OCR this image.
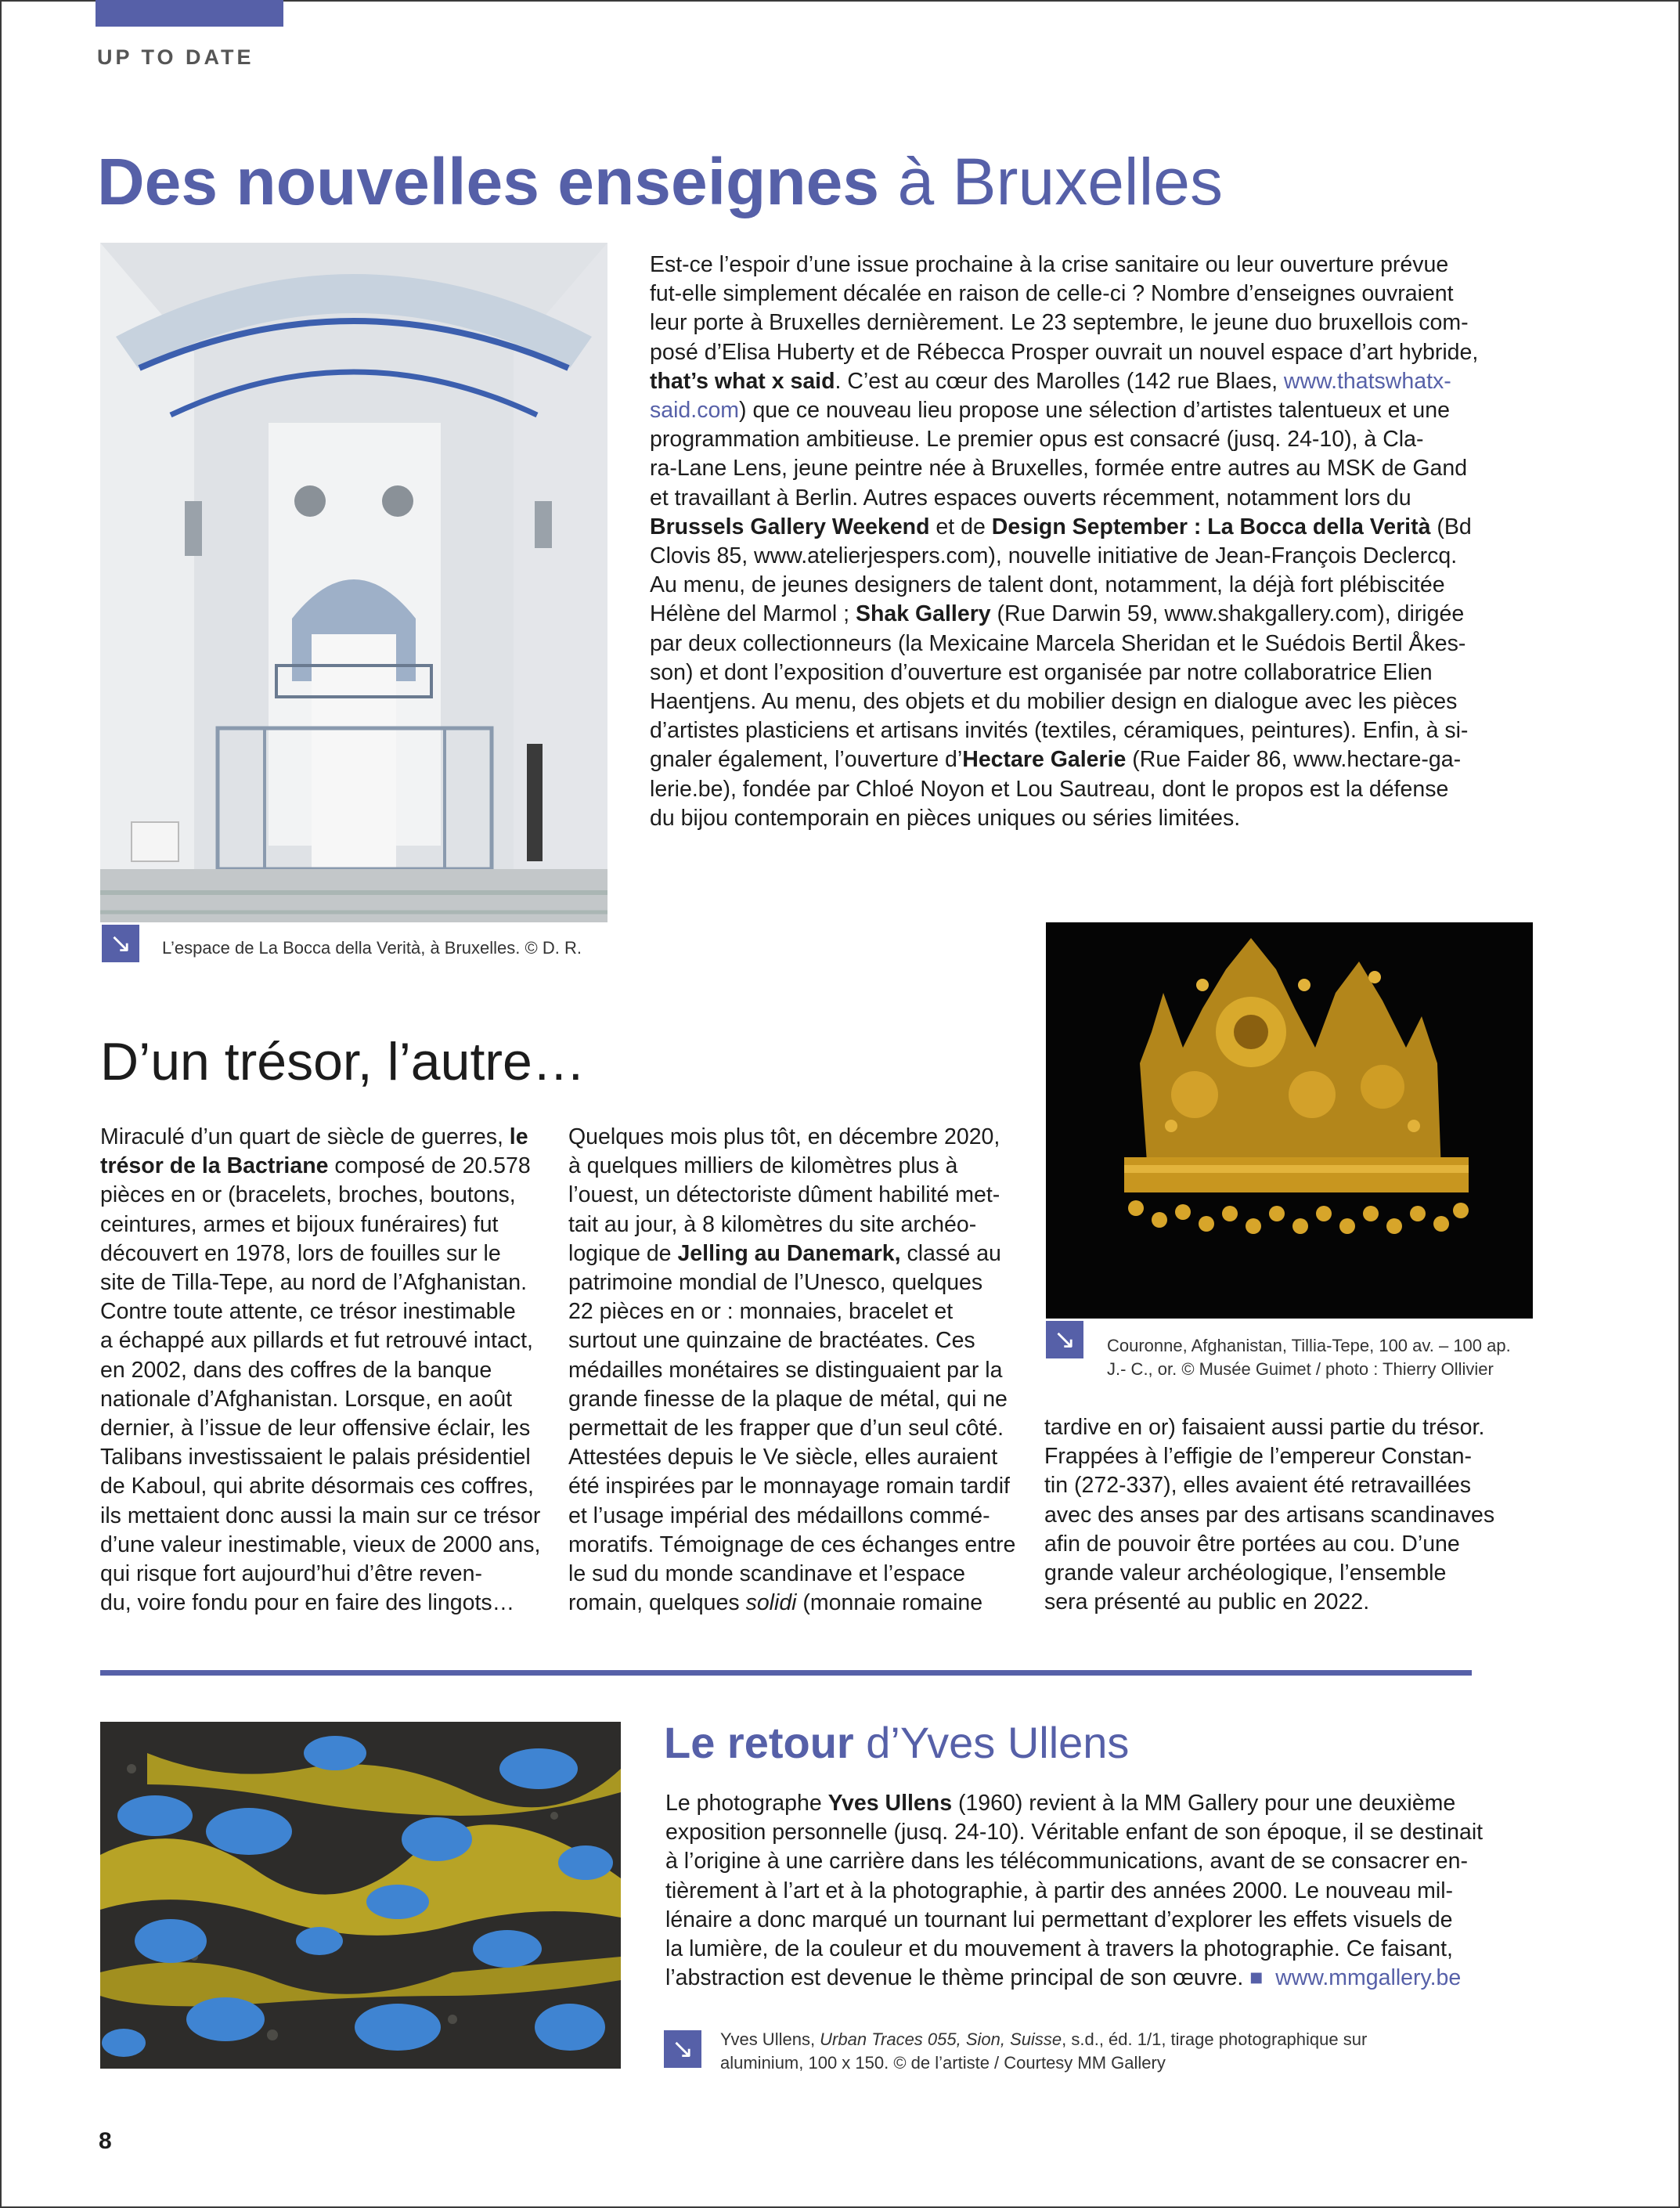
UP TO DATE
Des nouvelles enseignes à Bruxelles
↘	L’espace de La Bocca della Verità, à Bruxelles. © D. R.
Est-ce l’espoir d’une issue prochaine à la crise sanitaire ou leur ouverture prévue
fut-elle simplement décalée en raison de celle-ci ? Nombre d’enseignes ouvraient
leur porte à Bruxelles dernièrement. Le 23 septembre, le jeune duo bruxellois com-
posé d’Elisa Huberty et de Rébecca Prosper ouvrait un nouvel espace d’art hybride,
that’s what x said. C’est au cœur des Marolles (142 rue Blaes, www.thatswhatx-
said.com) que ce nouveau lieu propose une sélection d’artistes talentueux et une
programmation ambitieuse. Le premier opus est consacré (jusq. 24-10), à Cla-
ra-Lane Lens, jeune peintre née à Bruxelles, formée entre autres au MSK de Gand
et travaillant à Berlin. Autres espaces ouverts récemment, notamment lors du
Brussels Gallery Weekend et de Design September : La Bocca della Verità (Bd
Clovis 85, www.atelierjespers.com), nouvelle initiative de Jean-François Declercq.
Au menu, de jeunes designers de talent dont, notamment, la déjà fort plébiscitée
Hélène del Marmol ; Shak Gallery (Rue Darwin 59, www.shakgallery.com), dirigée
par deux collectionneurs (la Mexicaine Marcela Sheridan et le Suédois Bertil Åkes-
son) et dont l’exposition d’ouverture est organisée par notre collaboratrice Elien
Haentjens. Au menu, des objets et du mobilier design en dialogue avec les pièces
d’artistes plasticiens et artisans invités (textiles, céramiques, peintures). Enfin, à si-
gnaler également, l’ouverture d’Hectare Galerie (Rue Faider 86, www.hectare-ga-
lerie.be), fondée par Chloé Noyon et Lou Sautreau, dont le propos est la défense
du bijou contemporain en pièces uniques ou séries limitées.
↘	Couronne, Afghanistan, Tillia-Tepe, 100 av. – 100 ap.
J.- C., or. © Musée Guimet / photo : Thierry Ollivier
D’un trésor, l’autre…
Miraculé d’un quart de siècle de guerres, le
trésor de la Bactriane composé de 20.578
pièces en or (bracelets, broches, boutons,
ceintures, armes et bijoux funéraires) fut
découvert en 1978, lors de fouilles sur le
site de Tilla-Tepe, au nord de l’Afghanistan.
Contre toute attente, ce trésor inestimable
a échappé aux pillards et fut retrouvé intact,
en 2002, dans des coffres de la banque
nationale d’Afghanistan. Lorsque, en août
dernier, à l’issue de leur offensive éclair, les
Talibans investissaient le palais présidentiel
de Kaboul, qui abrite désormais ces coffres,
ils mettaient donc aussi la main sur ce trésor
d’une valeur inestimable, vieux de 2000 ans,
qui risque fort aujourd’hui d’être reven-
du, voire fondu pour en faire des lingots…
Quelques mois plus tôt, en décembre 2020,
à quelques milliers de kilomètres plus à
l’ouest, un détectoriste dûment habilité met-
tait au jour, à 8 kilomètres du site archéo-
logique de Jelling au Danemark, classé au
patrimoine mondial de l’Unesco, quelques
22 pièces en or : monnaies, bracelet et
surtout une quinzaine de bractéates. Ces
médailles monétaires se distinguaient par la
grande finesse de la plaque de métal, qui ne
permettait de les frapper que d’un seul côté.
Attestées depuis le Ve siècle, elles auraient
été inspirées par le monnayage romain tardif
et l’usage impérial des médaillons commé-
moratifs. Témoignage de ces échanges entre
le sud du monde scandinave et l’espace
romain, quelques solidi (monnaie romaine
tardive en or) faisaient aussi partie du trésor.
Frappées à l’effigie de l’empereur Constan-
tin (272-337), elles avaient été retravaillées
avec des anses par des artisans scandinaves
afin de pouvoir être portées au cou. D’une
grande valeur archéologique, l’ensemble
sera présenté au public en 2022.
Le retour d’Yves Ullens
Le photographe Yves Ullens (1960) revient à la MM Gallery pour une deuxième
exposition personnelle (jusq. 24-10). Véritable enfant de son époque, il se destinait
à l’origine à une carrière dans les télécommunications, avant de se consacrer en-
tièrement à l’art et à la photographie, à partir des années 2000. Le nouveau mil-
lénaire a donc marqué un tournant lui permettant d’explorer les effets visuels de
la lumière, de la couleur et du mouvement à travers la photographie. Ce faisant,
l’abstraction est devenue le thème principal de son œuvre. ■ www.mmgallery.be
↘	Yves Ullens, Urban Traces 055, Sion, Suisse, s.d., éd. 1/1, tirage photographique sur
aluminium, 100 x 150. © de l’artiste / Courtesy MM Gallery
8
